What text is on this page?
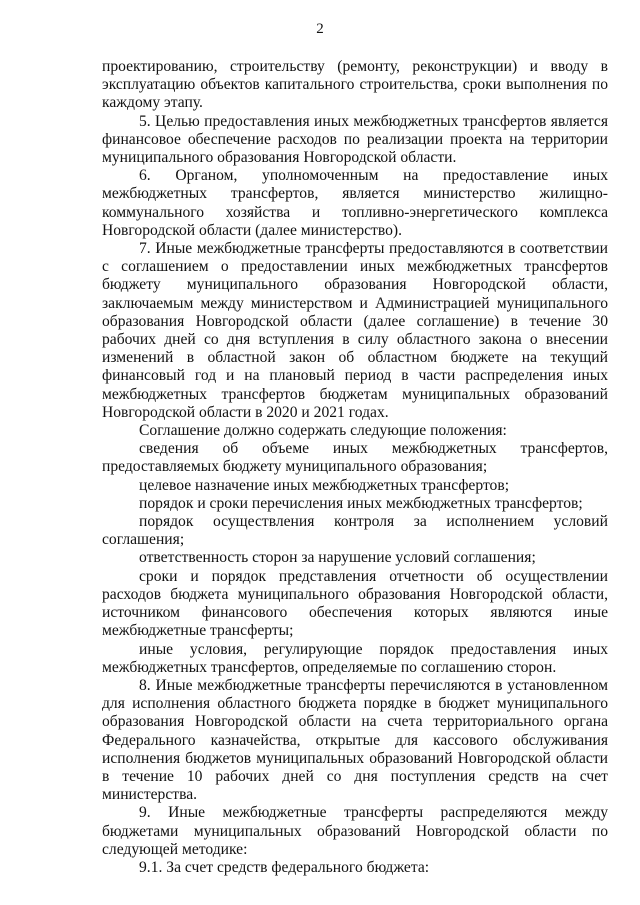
2

проектированию, строительству (ремонту, реконструкции) и вводу в эксплуатацию объектов капитального строительства, сроки выполнения по каждому этапу.

5. Целью предоставления иных межбюджетных трансфертов является финансовое обеспечение расходов по реализации проекта на территории муниципального образования Новгородской области.

6. Органом, уполномоченным на предоставление иных межбюджетных трансфертов, является министерство жилищно-коммунального хозяйства и топливно-энергетического комплекса Новгородской области (далее министерство).

7. Иные межбюджетные трансферты предоставляются в соответствии с соглашением о предоставлении иных межбюджетных трансфертов бюджету муниципального образования Новгородской области, заключаемым между министерством и Администрацией муниципального образования Новгородской области (далее соглашение) в течение 30 рабочих дней со дня вступления в силу областного закона о внесении изменений в областной закон об областном бюджете на текущий финансовый год и на плановый период в части распределения иных межбюджетных трансфертов бюджетам муниципальных образований Новгородской области в 2020 и 2021 годах.

Соглашение должно содержать следующие положения:

сведения об объеме иных межбюджетных трансфертов, предоставляемых бюджету муниципального образования;

целевое назначение иных межбюджетных трансфертов;

порядок и сроки перечисления иных межбюджетных трансфертов;

порядок осуществления контроля за исполнением условий соглашения;

ответственность сторон за нарушение условий соглашения;

сроки и порядок представления отчетности об осуществлении расходов бюджета муниципального образования Новгородской области, источником финансового обеспечения которых являются иные межбюджетные трансферты;

иные условия, регулирующие порядок предоставления иных межбюджетных трансфертов, определяемые по соглашению сторон.

8. Иные межбюджетные трансферты перечисляются в установленном для исполнения областного бюджета порядке в бюджет муниципального образования Новгородской области на счета территориального органа Федерального казначейства, открытые для кассового обслуживания исполнения бюджетов муниципальных образований Новгородской области в течение 10 рабочих дней со дня поступления средств на счет министерства.

9. Иные межбюджетные трансферты распределяются между бюджетами муниципальных образований Новгородской области по следующей методике:

9.1. За счет средств федерального бюджета:
